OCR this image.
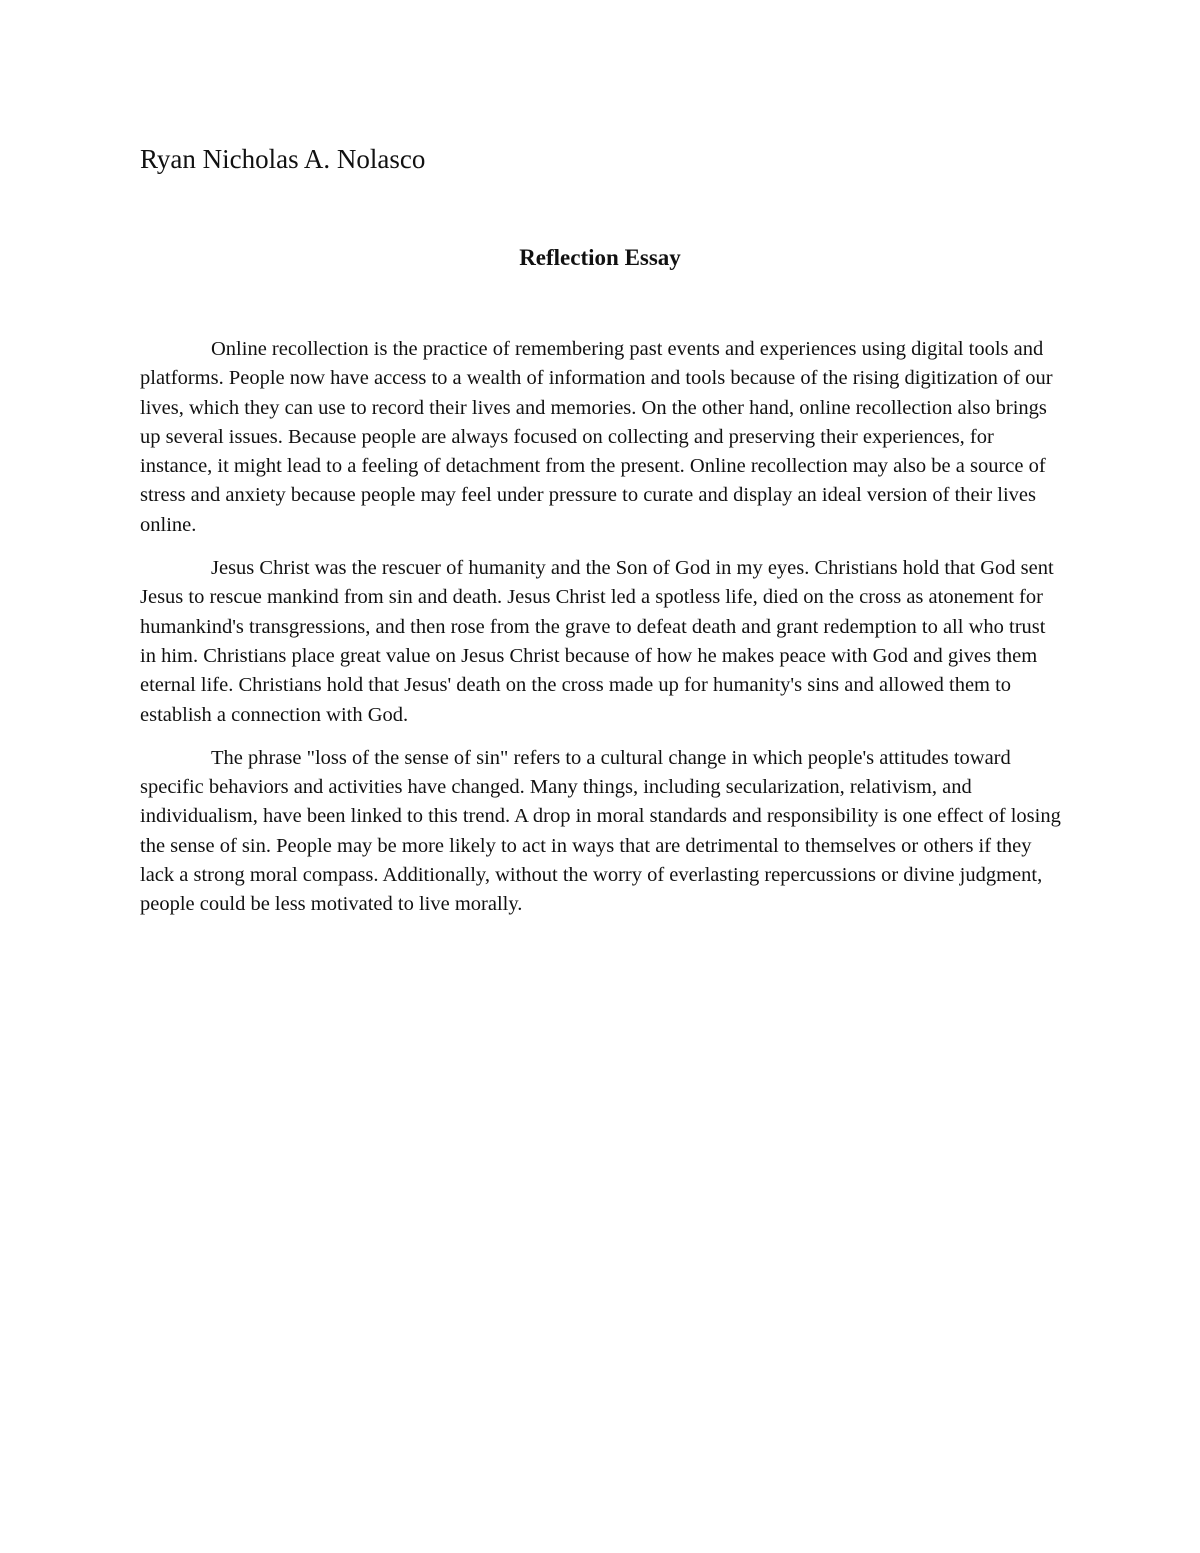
Ryan Nicholas A. Nolasco
Reflection Essay

Online recollection is the practice of remembering past events and experiences using digital tools and platforms. People now have access to a wealth of information and tools because of the rising digitization of our lives, which they can use to record their lives and memories. On the other hand, online recollection also brings up several issues. Because people are always focused on collecting and preserving their experiences, for instance, it might lead to a feeling of detachment from the present. Online recollection may also be a source of stress and anxiety because people may feel under pressure to curate and display an ideal version of their lives online.

Jesus Christ was the rescuer of humanity and the Son of God in my eyes. Christians hold that God sent Jesus to rescue mankind from sin and death. Jesus Christ led a spotless life, died on the cross as atonement for humankind's transgressions, and then rose from the grave to defeat death and grant redemption to all who trust in him. Christians place great value on Jesus Christ because of how he makes peace with God and gives them eternal life. Christians hold that Jesus' death on the cross made up for humanity's sins and allowed them to establish a connection with God.

The phrase "loss of the sense of sin" refers to a cultural change in which people's attitudes toward specific behaviors and activities have changed. Many things, including secularization, relativism, and individualism, have been linked to this trend. A drop in moral standards and responsibility is one effect of losing the sense of sin. People may be more likely to act in ways that are detrimental to themselves or others if they lack a strong moral compass. Additionally, without the worry of everlasting repercussions or divine judgment, people could be less motivated to live morally.
